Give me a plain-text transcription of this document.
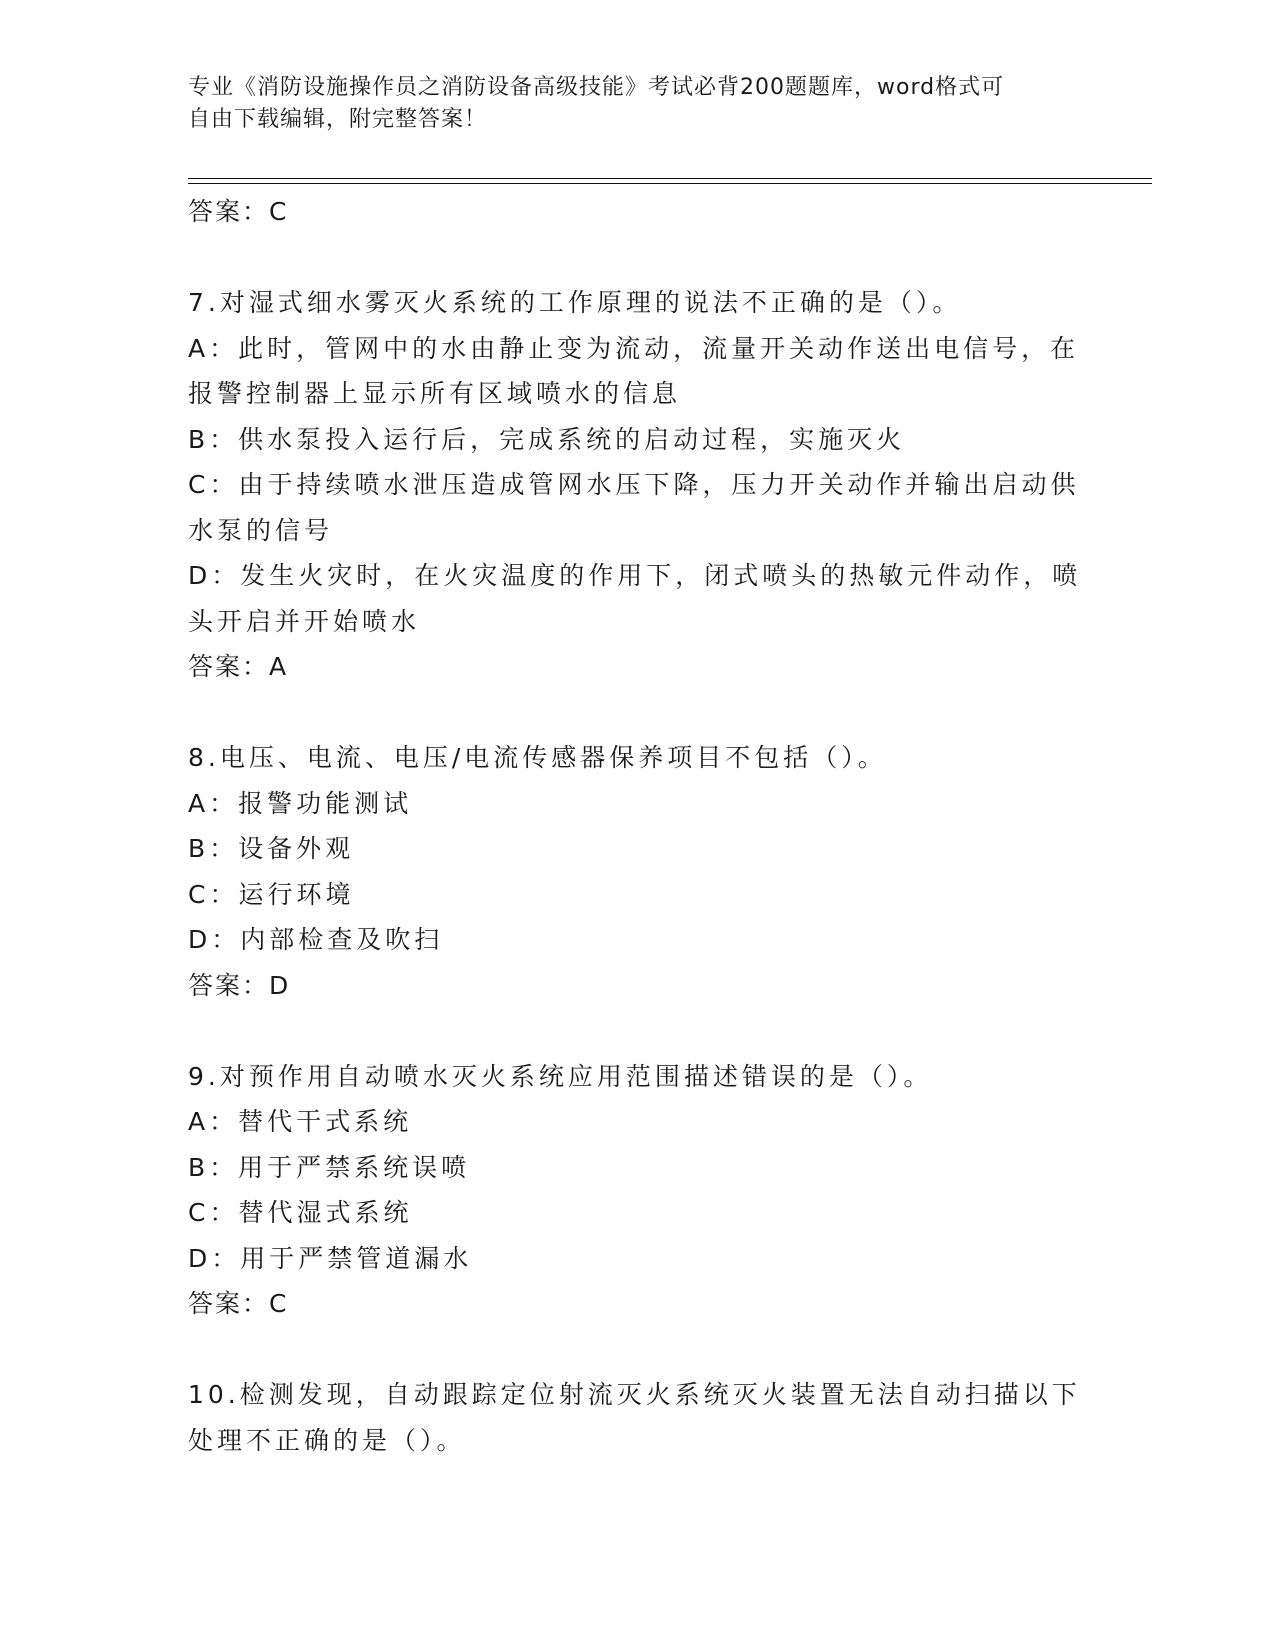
专业《消防设施操作员之消防设备高级技能》考试必背200题题库，word格式可
自由下载编辑，附完整答案！
答案：C
7.对湿式细水雾灭火系统的工作原理的说法不正确的是（）。
A：此时，管网中的水由静止变为流动，流量开关动作送出电信号，在
报警控制器上显示所有区域喷水的信息
B：供水泵投入运行后，完成系统的启动过程，实施灭火
C：由于持续喷水泄压造成管网水压下降，压力开关动作并输出启动供
水泵的信号
D：发生火灾时，在火灾温度的作用下，闭式喷头的热敏元件动作，喷
头开启并开始喷水
答案：A
8.电压、电流、电压/电流传感器保养项目不包括（）。
A：报警功能测试
B：设备外观
C：运行环境
D：内部检查及吹扫
答案：D
9.对预作用自动喷水灭火系统应用范围描述错误的是（）。
A：替代干式系统
B：用于严禁系统误喷
C：替代湿式系统
D：用于严禁管道漏水
答案：C
10.检测发现，自动跟踪定位射流灭火系统灭火装置无法自动扫描以下
处理不正确的是（）。
